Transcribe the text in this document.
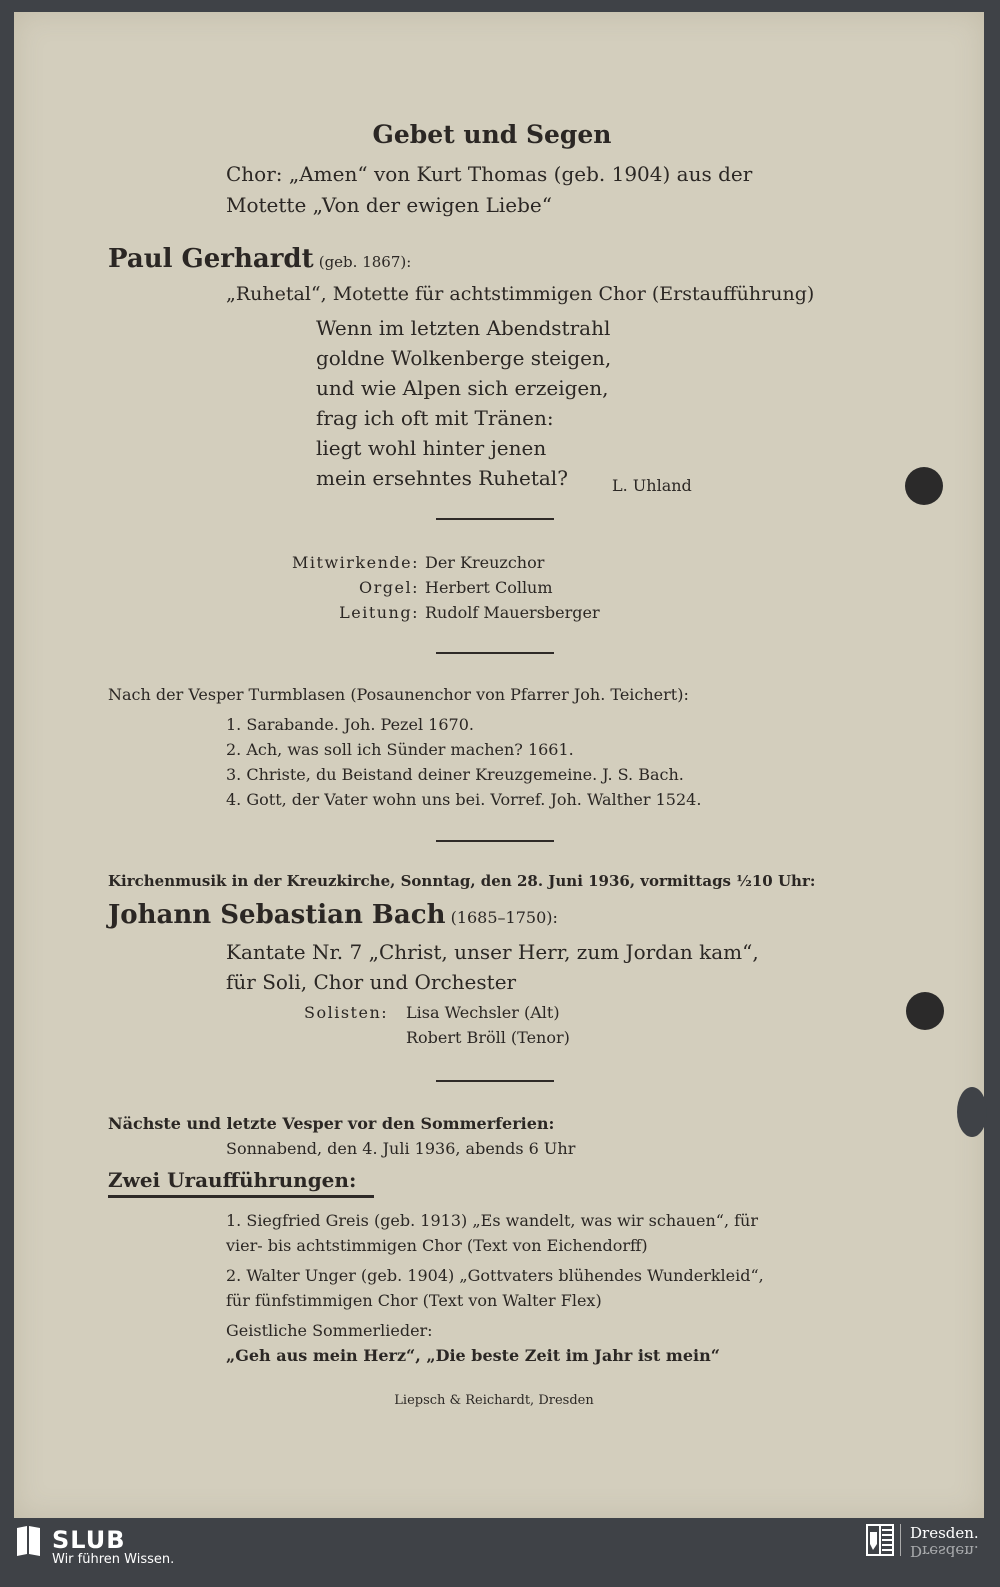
Gebet und Segen
Chor: „Amen“ von Kurt Thomas (geb. 1904) aus der
Motette „Von der ewigen Liebe“
Paul Gerhardt (geb. 1867):
„Ruhetal“, Motette für achtstimmigen Chor (Erstaufführung)
Wenn im letzten Abendstrahl
goldne Wolkenberge steigen,
und wie Alpen sich erzeigen,
frag ich oft mit Tränen:
liegt wohl hinter jenen
mein ersehntes Ruhetal?	L. Uhland
Mitwirkende: Der Kreuzchor
Orgel: Herbert Collum
Leitung: Rudolf Mauersberger
Nach der Vesper Turmblasen (Posaunenchor von Pfarrer Joh. Teichert):
1. Sarabande. Joh. Pezel 1670.
2. Ach, was soll ich Sünder machen? 1661.
3. Christe, du Beistand deiner Kreuzgemeine. J. S. Bach.
4. Gott, der Vater wohn uns bei. Vorref. Joh. Walther 1524.
Kirchenmusik in der Kreuzkirche, Sonntag, den 28. Juni 1936, vormittags ½10 Uhr:
Johann Sebastian Bach (1685–1750):
Kantate Nr. 7 „Christ, unser Herr, zum Jordan kam“,
für Soli, Chor und Orchester
Solisten: Lisa Wechsler (Alt)
Robert Bröll (Tenor)
Nächste und letzte Vesper vor den Sommerferien:
Sonnabend, den 4. Juli 1936, abends 6 Uhr
Zwei Uraufführungen:
1. Siegfried Greis (geb. 1913) „Es wandelt, was wir schauen“, für
vier- bis achtstimmigen Chor (Text von Eichendorff)
2. Walter Unger (geb. 1904) „Gottvaters blühendes Wunderkleid“,
für fünfstimmigen Chor (Text von Walter Flex)
Geistliche Sommerlieder:
„Geh aus mein Herz“, „Die beste Zeit im Jahr ist mein“
Liepsch & Reichardt, Dresden
SLUB
Wir führen Wissen.
Dresden.
Dresden.
